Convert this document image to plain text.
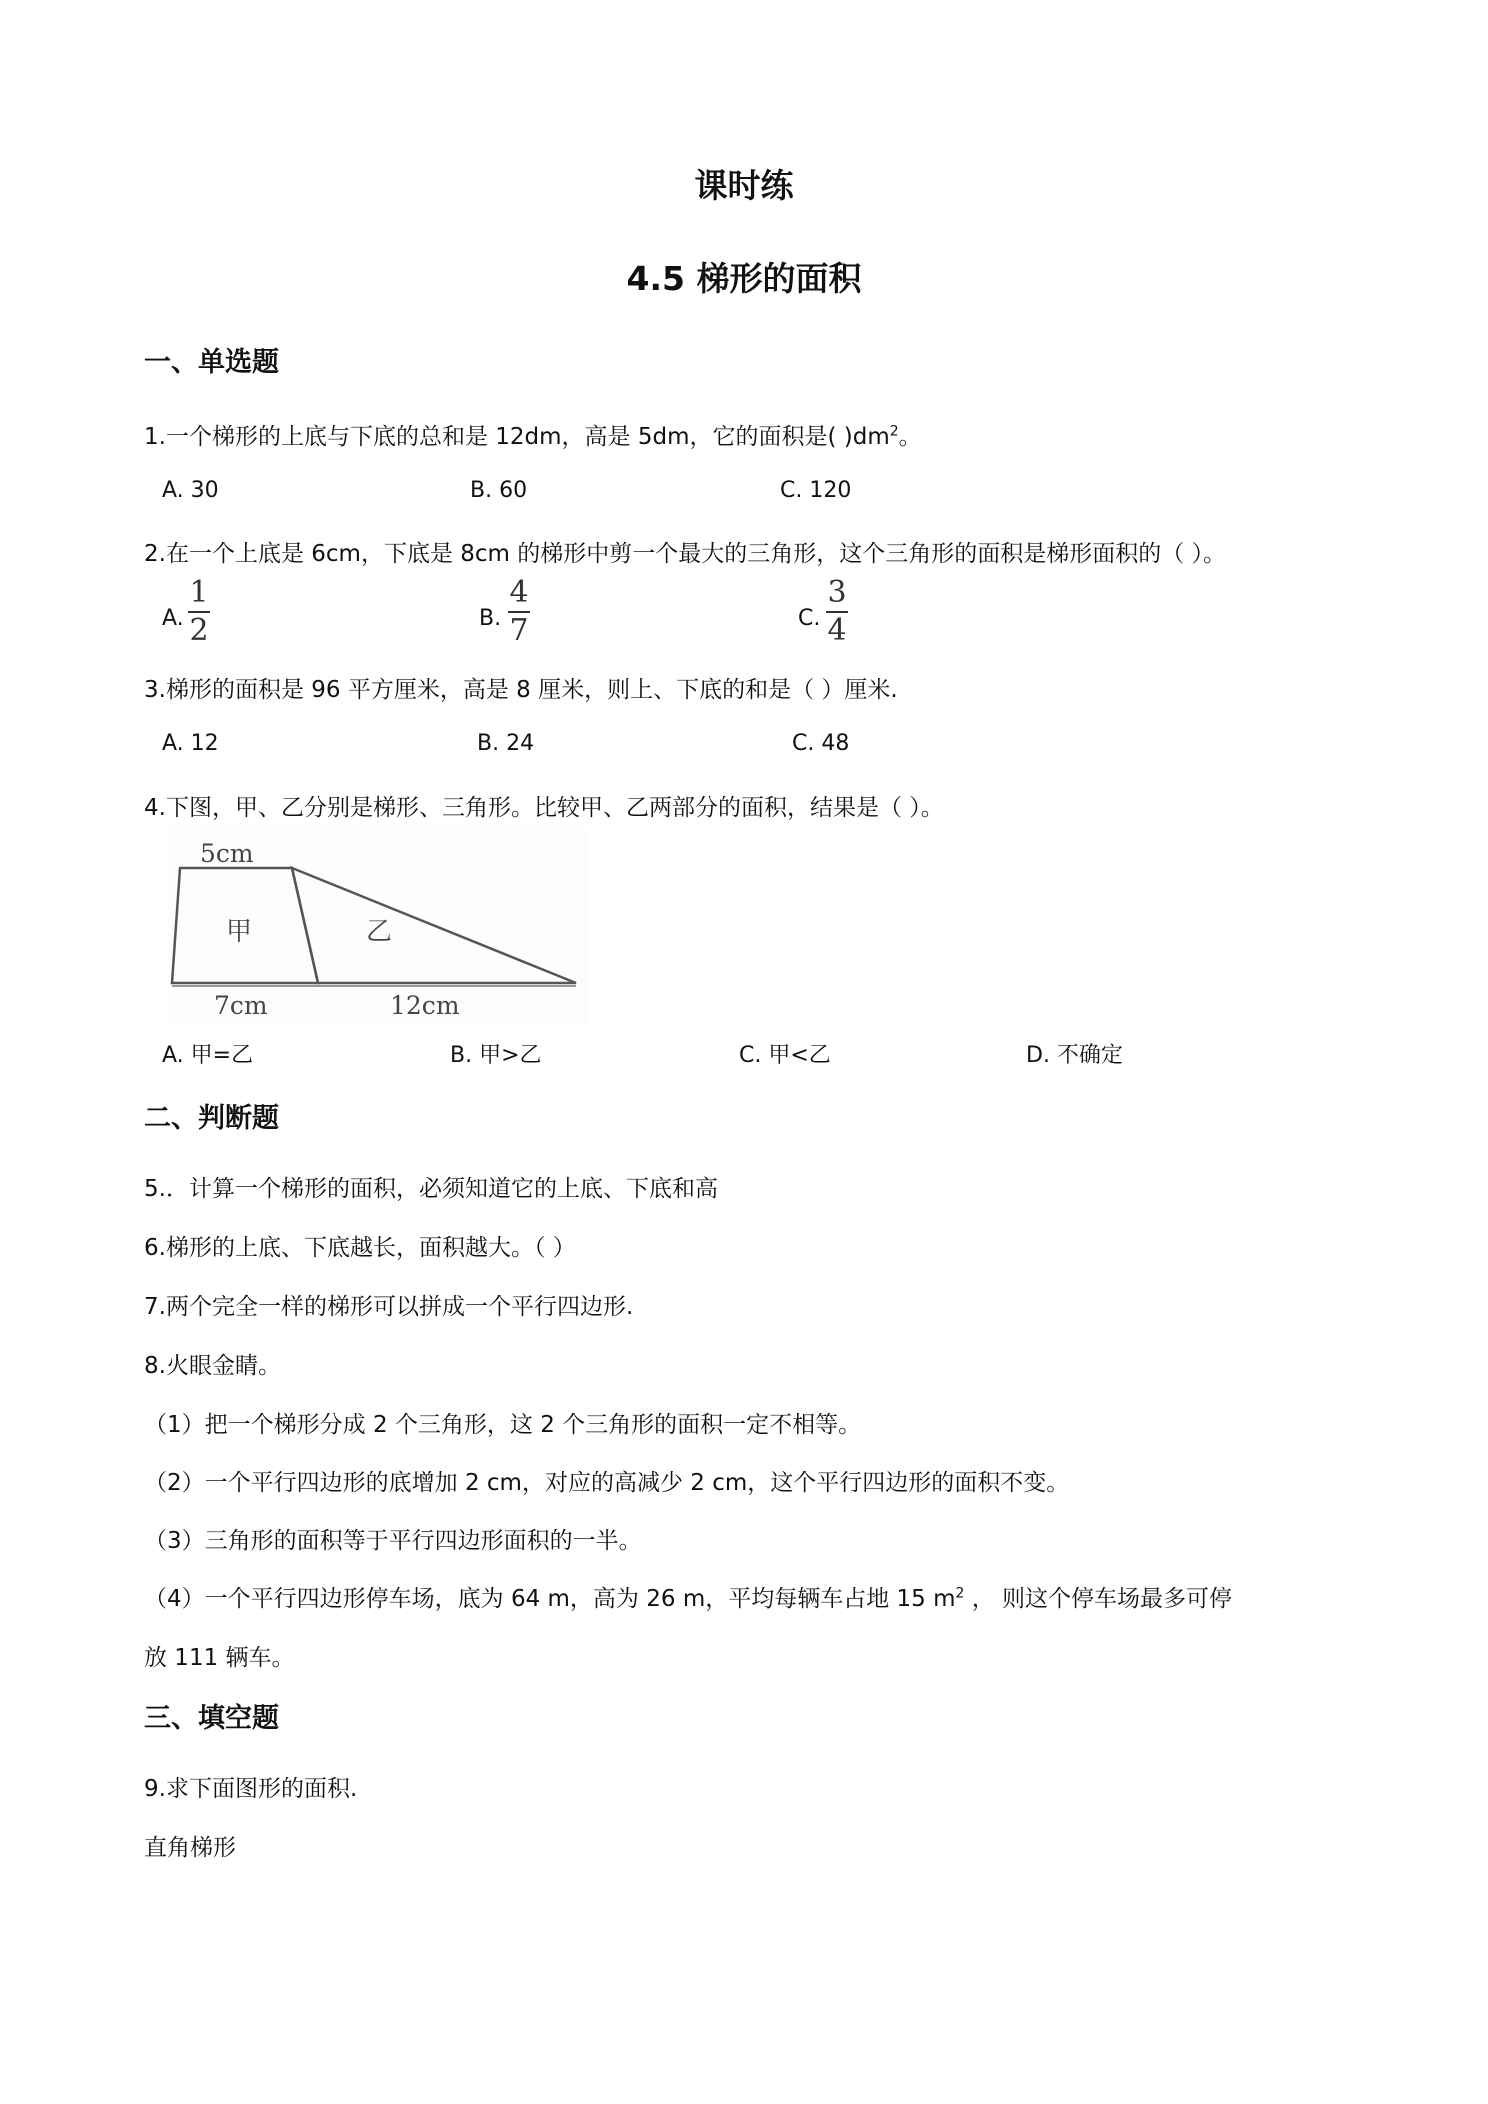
课时练
4.5 梯形的面积
一、单选题
1.一个梯形的上底与下底的总和是 12dm，高是 5dm，它的面积是( )$dm^2$。
A. 30	B. 60	C. 120
2.在一个上底是 6cm，下底是 8cm 的梯形中剪一个最大的三角形，这个三角形的面积是梯形面积的（ ）。
A.
1
2	B.
4
7	C.
3
4
3.梯形的面积是 96 平方厘米，高是 8 厘米，则上、下底的和是（ ）厘米.
A. 12	B. 24	C. 48
4.下图，甲、乙分别是梯形、三角形。比较甲、乙两部分的面积，结果是（ ）。
5cm
甲	乙
7cm	12cm
A. 甲=乙	B. 甲>乙	C. 甲<乙	D. 不确定
二、判断题
5.．计算一个梯形的面积，必须知道它的上底、下底和高
6.梯形的上底、下底越长，面积越大。（ ）
7.两个完全一样的梯形可以拼成一个平行四边形.
8.火眼金睛。
（1）把一个梯形分成 2 个三角形，这 2 个三角形的面积一定不相等。
（2）一个平行四边形的底增加 2 cm，对应的高减少 2 cm，这个平行四边形的面积不变。
（3）三角形的面积等于平行四边形面积的一半。
（4）一个平行四边形停车场，底为 64 m，高为 26 m，平均每辆车占地 15 $m^2$ ， 则这个停车场最多可停
放 111 辆车。
三、填空题
9.求下面图形的面积.
直角梯形
